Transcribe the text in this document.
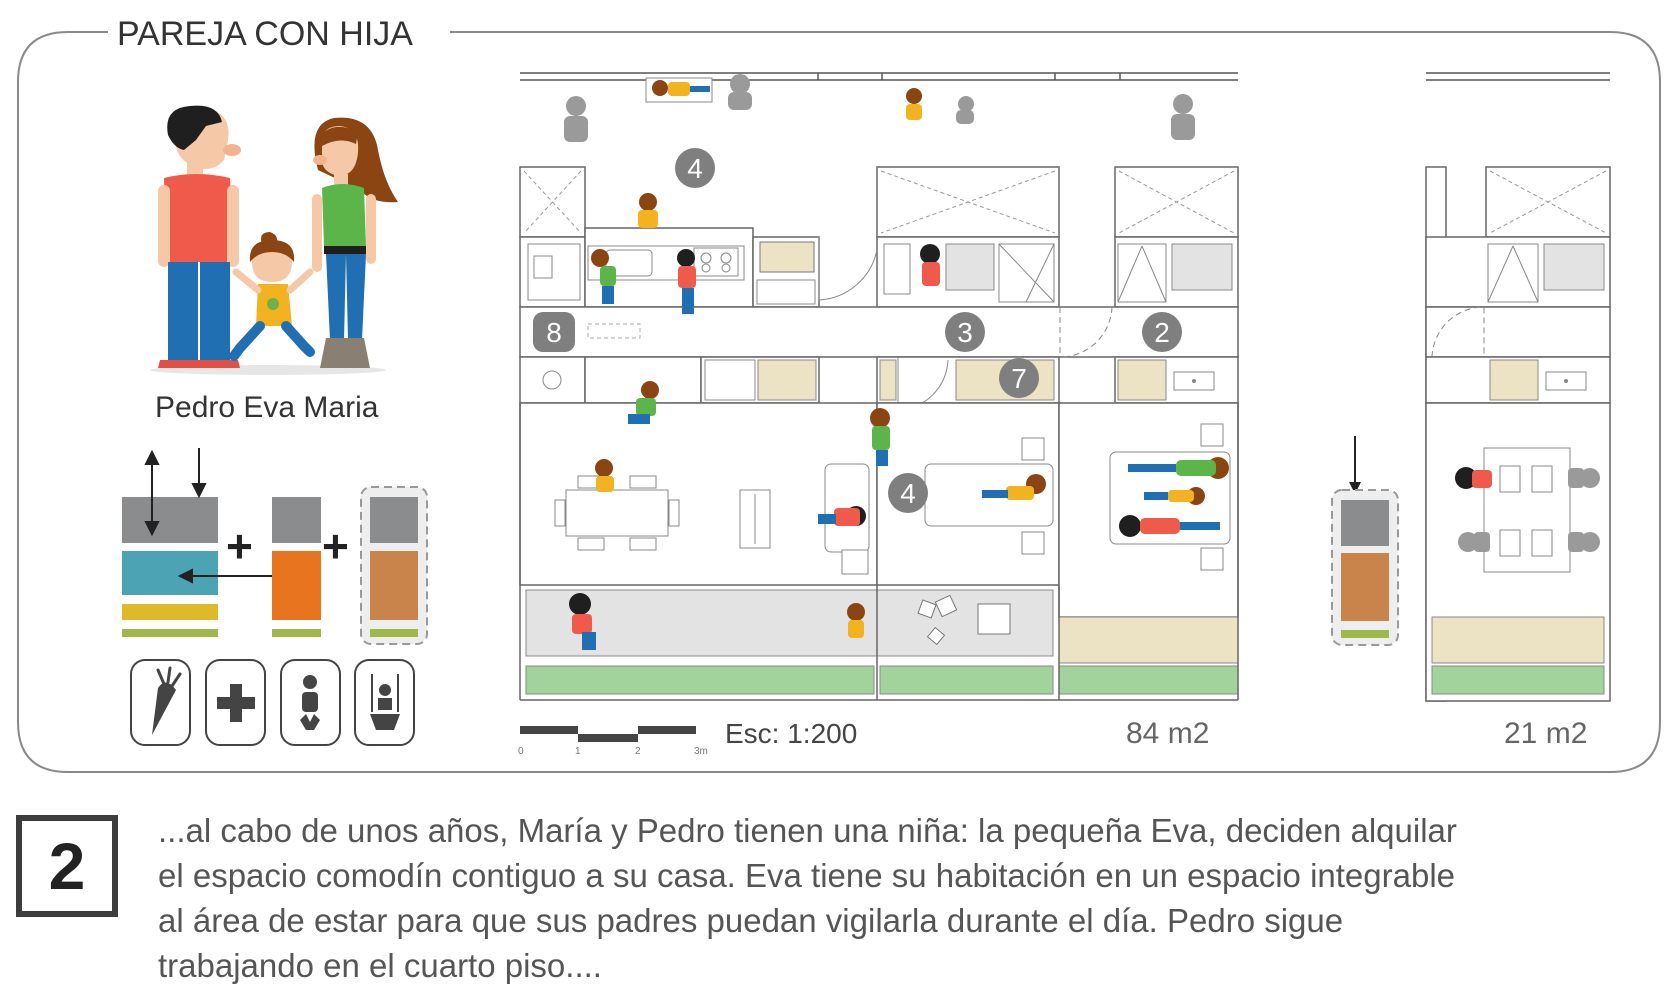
PAREJA CON HIJA
Pedro Eva Maria
+ +
4
8	3	2
7
4
0	1	2	3m
Esc: 1:200	84 m2	21 m2
2	...al cabo de unos años, María y Pedro tienen una niña: la pequeña Eva, deciden alquilar
el espacio comodín contiguo a su casa. Eva tiene su habitación en un espacio integrable
al área de estar para que sus padres puedan vigilarla durante el día. Pedro sigue
trabajando en el cuarto piso....
